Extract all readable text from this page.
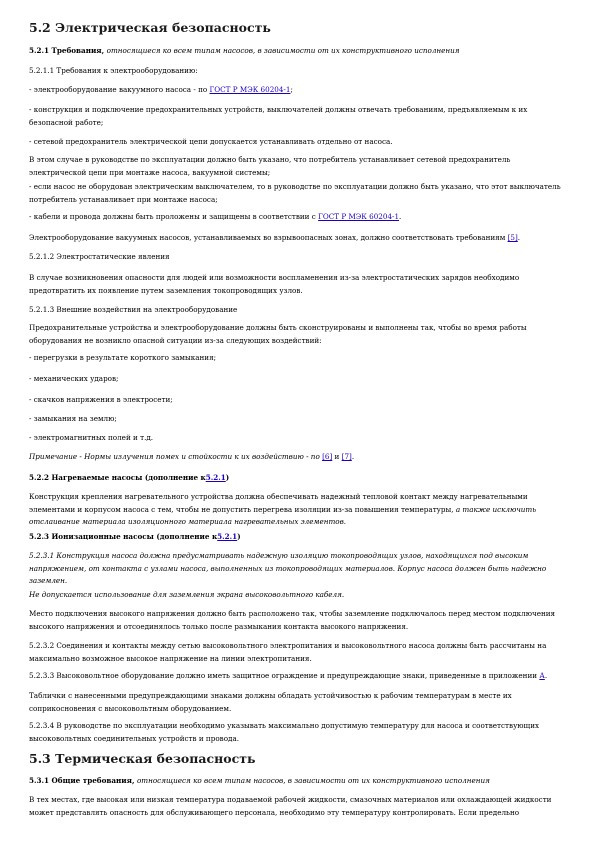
5.2 Электрическая безопасность
5.2.1 Требования, относящиеся ко всем типам насосов, в зависимости от их конструктивного исполнения
5.2.1.1 Требования к электрооборудованию:
- электрооборудование вакуумного насоса - по ГОСТ Р МЭК 60204-1;
- конструкция и подключение предохранительных устройств, выключателей должны отвечать требованиям, предъявляемым к их безопасной работе;
- сетевой предохранитель электрической цепи допускается устанавливать отдельно от насоса.
В этом случае в руководстве по эксплуатации должно быть указано, что потребитель устанавливает сетевой предохранитель электрической цепи при монтаже насоса, вакуумной системы;
- если насос не оборудован электрическим выключателем, то в руководстве по эксплуатации должно быть указано, что этот выключатель потребитель устанавливает при монтаже насоса;
- кабели и провода должны быть проложены и защищены в соответствии с ГОСТ Р МЭК 60204-1.
Электрооборудование вакуумных насосов, устанавливаемых во взрывоопасных зонах, должно соответствовать требованиям [5].
5.2.1.2 Электростатические явления
В случае возникновения опасности для людей или возможности воспламенения из-за электростатических зарядов необходимо предотвратить их появление путем заземления токопроводящих узлов.
5.2.1.3 Внешние воздействия на электрооборудование
Предохранительные устройства и электрооборудование должны быть сконструированы и выполнены так, чтобы во время работы оборудования не возникло опасной ситуации из-за следующих воздействий:
- перегрузки в результате короткого замыкания;
- механических ударов;
- скачков напряжения в электросети;
- замыкания на землю;
- электромагнитных полей и т.д.
Примечание - Нормы излучения помех и стойкости к их воздействию - по [6] и [7].
5.2.2 Нагреваемые насосы (дополнение к5.2.1)
Конструкция крепления нагревательного устройства должна обеспечивать надежный тепловой контакт между нагревательными элементами и корпусом насоса с тем, чтобы не допустить перегрева изоляции из-за повышения температуры, а также исключить отслаивание материала изоляционного материала нагревательных элементов.
5.2.3 Ионизационные насосы (дополнение к5.2.1)
5.2.3.1 Конструкция насоса должна предусматривать надежную изоляцию токопроводящих узлов, находящихся под высоким напряжением, от контакта с узлами насоса, выполненных из токопроводящих материалов. Корпус насоса должен быть надежно заземлен.
Не допускается использование для заземления экрана высоковольтного кабеля.
Место подключения высокого напряжения должно быть расположено так, чтобы заземление подключалось перед местом подключения высокого напряжения и отсоединялось только после размыкания контакта высокого напряжения.
5.2.3.2 Соединения и контакты между сетью высоковольтного электропитания и высоковольтного насоса должны быть рассчитаны на максимально возможное высокое напряжение на линии электропитания.
5.2.3.3 Высоковольтное оборудование должно иметь защитное ограждение и предупреждающие знаки, приведенные в приложении А.
Таблички с нанесенными предупреждающими знаками должны обладать устойчивостью к рабочим температурам в месте их соприкосновения с высоковольтным оборудованием.
5.2.3.4 В руководстве по эксплуатации необходимо указывать максимально допустимую температуру для насоса и соответствующих высоковольтных соединительных устройств и провода.
5.3 Термическая безопасность
5.3.1 Общие требования, относящиеся ко всем типам насосов, в зависимости от их конструктивного исполнения
В тех местах, где высокая или низкая температура подаваемой рабочей жидкости, смазочных материалов или охлаждающей жидкости может представлять опасность для обслуживающего персонала, необходимо эту температуру контролировать. Если предельно
